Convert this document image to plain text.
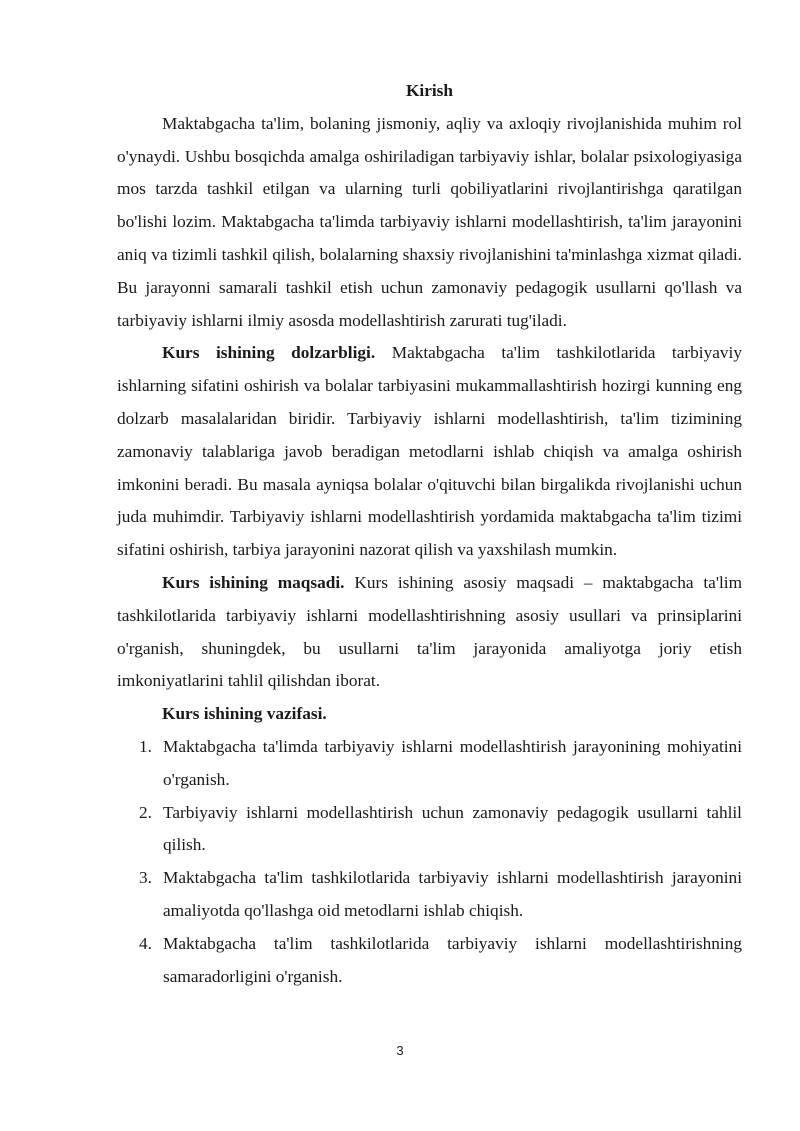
Kirish

Maktabgacha ta'lim, bolaning jismoniy, aqliy va axloqiy rivojlanishida muhim rol o'ynaydi. Ushbu bosqichda amalga oshiriladigan tarbiyaviy ishlar, bolalar psixologiyasiga mos tarzda tashkil etilgan va ularning turli qobiliyatlarini rivojlantirishga qaratilgan bo'lishi lozim. Maktabgacha ta'limda tarbiyaviy ishlarni modellashtirish, ta'lim jarayonini aniq va tizimli tashkil qilish, bolalarning shaxsiy rivojlanishini ta'minlashga xizmat qiladi. Bu jarayonni samarali tashkil etish uchun zamonaviy pedagogik usullarni qo'llash va tarbiyaviy ishlarni ilmiy asosda modellashtirish zarurati tug'iladi.

Kurs ishining dolzarbligi. Maktabgacha ta'lim tashkilotlarida tarbiyaviy ishlarning sifatini oshirish va bolalar tarbiyasini mukammallashtirish hozirgi kunning eng dolzarb masalalaridan biridir. Tarbiyaviy ishlarni modellashtirish, ta'lim tizimining zamonaviy talablariga javob beradigan metodlarni ishlab chiqish va amalga oshirish imkonini beradi. Bu masala ayniqsa bolalar o'qituvchi bilan birgalikda rivojlanishi uchun juda muhimdir. Tarbiyaviy ishlarni modellashtirish yordamida maktabgacha ta'lim tizimi sifatini oshirish, tarbiya jarayonini nazorat qilish va yaxshilash mumkin.

Kurs ishining maqsadi. Kurs ishining asosiy maqsadi – maktabgacha ta'lim tashkilotlarida tarbiyaviy ishlarni modellashtirishning asosiy usullari va prinsiplarini o'rganish, shuningdek, bu usullarni ta'lim jarayonida amaliyotga joriy etish imkoniyatlarini tahlil qilishdan iborat.

Kurs ishining vazifasi.

1. Maktabgacha ta'limda tarbiyaviy ishlarni modellashtirish jarayonining mohiyatini o'rganish.
2. Tarbiyaviy ishlarni modellashtirish uchun zamonaviy pedagogik usullarni tahlil qilish.
3. Maktabgacha ta'lim tashkilotlarida tarbiyaviy ishlarni modellashtirish jarayonini amaliyotda qo'llashga oid metodlarni ishlab chiqish.
4. Maktabgacha ta'lim tashkilotlarida tarbiyaviy ishlarni modellashtirishning samaradorligini o'rganish.
3
